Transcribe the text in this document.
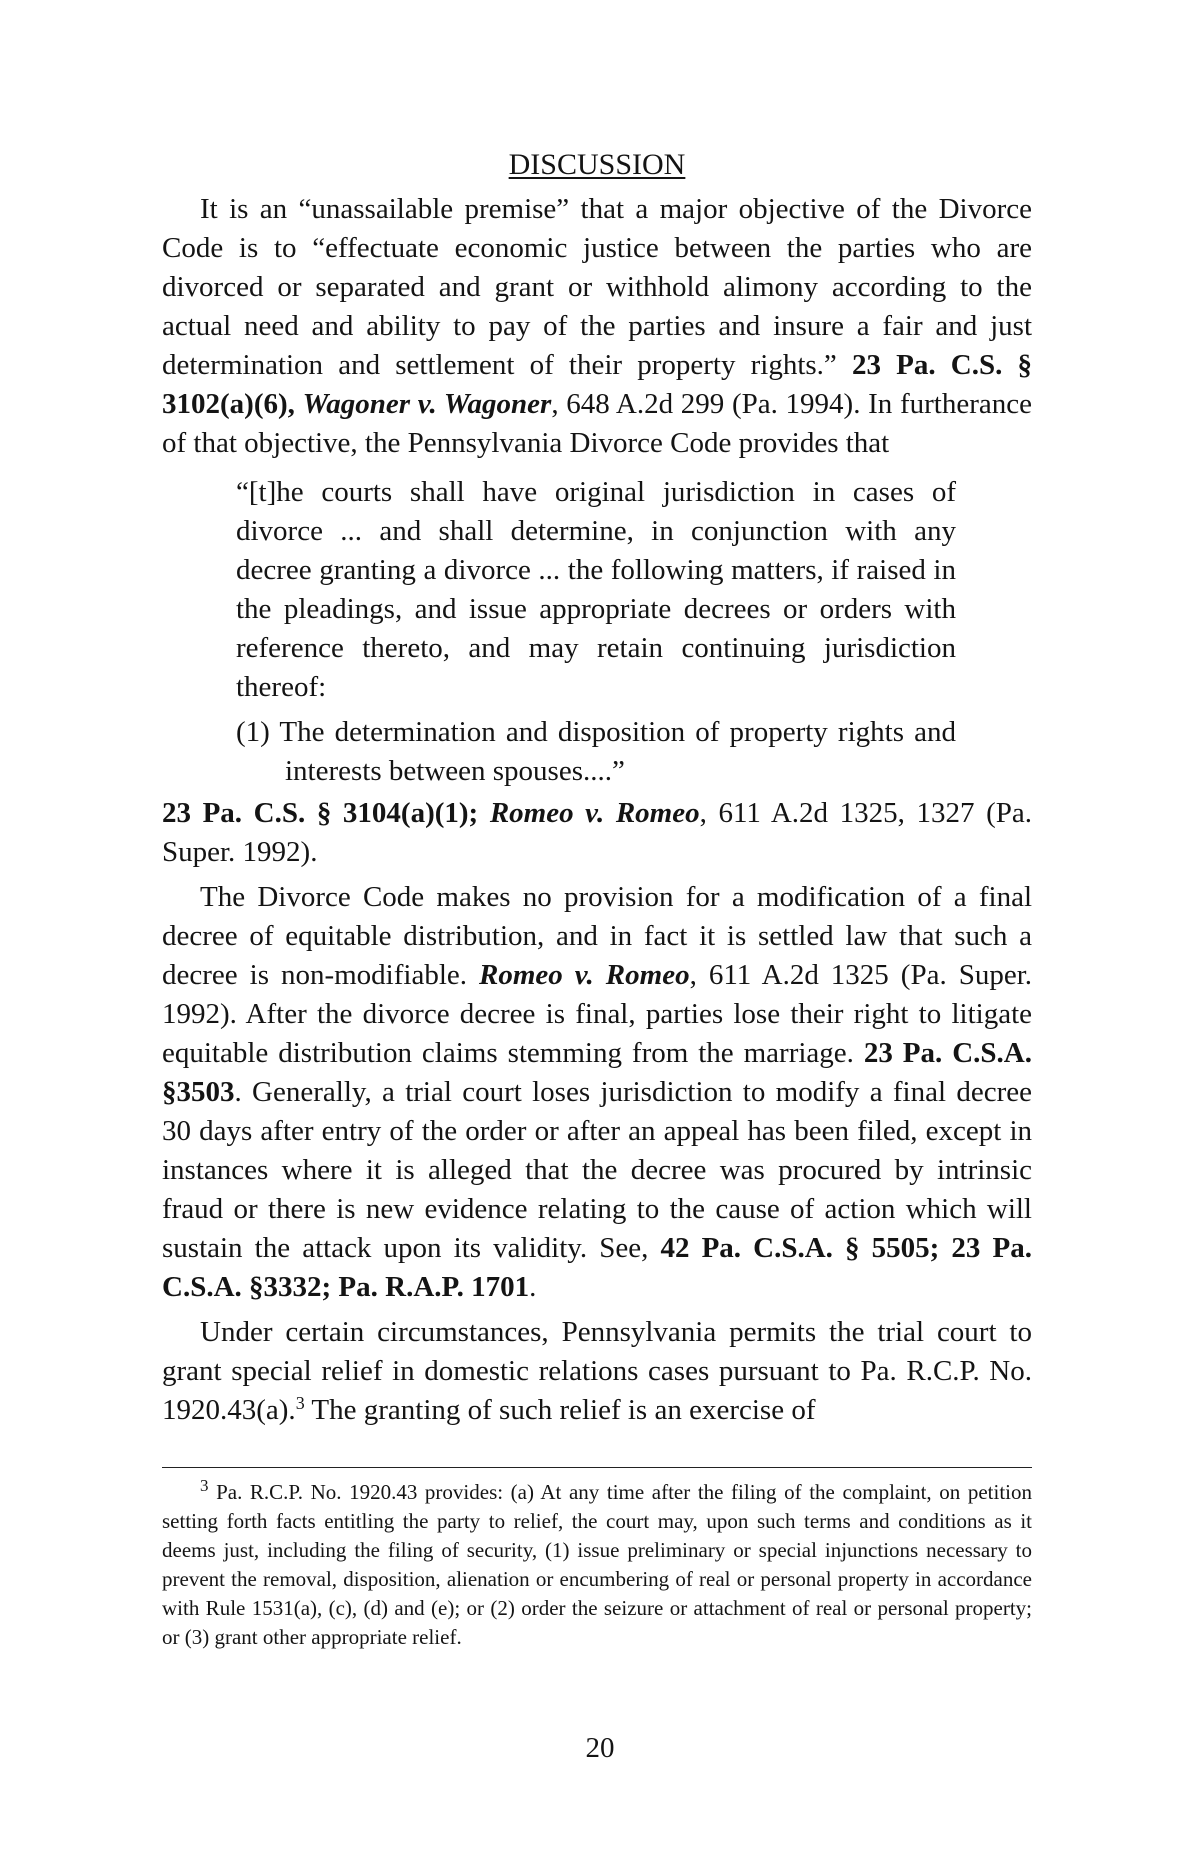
DISCUSSION

It is an “unassailable premise” that a major objective of the Divorce Code is to “effectuate economic justice between the parties who are divorced or separated and grant or withhold alimony according to the actual need and ability to pay of the parties and insure a fair and just determination and settlement of their property rights.” 23 Pa. C.S. § 3102(a)(6), Wagoner v. Wagoner, 648 A.2d 299 (Pa. 1994). In furtherance of that objective, the Pennsylvania Divorce Code provides that

“[t]he courts shall have original jurisdiction in cases of divorce ... and shall determine, in conjunction with any decree granting a divorce ... the following matters, if raised in the pleadings, and issue appropriate decrees or orders with reference thereto, and may retain continuing jurisdiction thereof:

(1) The determination and disposition of property rights and interests between spouses....”

23 Pa. C.S. § 3104(a)(1); Romeo v. Romeo, 611 A.2d 1325, 1327 (Pa. Super. 1992).

The Divorce Code makes no provision for a modification of a final decree of equitable distribution, and in fact it is settled law that such a decree is non-modifiable. Romeo v. Romeo, 611 A.2d 1325 (Pa. Super. 1992). After the divorce decree is final, parties lose their right to litigate equitable distribution claims stemming from the marriage. 23 Pa. C.S.A. §3503. Generally, a trial court loses jurisdiction to modify a final decree 30 days after entry of the order or after an appeal has been filed, except in instances where it is alleged that the decree was procured by intrinsic fraud or there is new evidence relating to the cause of action which will sustain the attack upon its validity. See, 42 Pa. C.S.A. § 5505; 23 Pa. C.S.A. §3332; Pa. R.A.P. 1701.

Under certain circumstances, Pennsylvania permits the trial court to grant special relief in domestic relations cases pursuant to Pa. R.C.P. No. 1920.43(a).$^3$ The granting of such relief is an exercise of

$^3$ Pa. R.C.P. No. 1920.43 provides: (a) At any time after the filing of the complaint, on petition setting forth facts entitling the party to relief, the court may, upon such terms and conditions as it deems just, including the filing of security, (1) issue preliminary or special injunctions necessary to prevent the removal, disposition, alienation or encumbering of real or personal property in accordance with Rule 1531(a), (c), (d) and (e); or (2) order the seizure or attachment of real or personal property; or (3) grant other appropriate relief.

20
